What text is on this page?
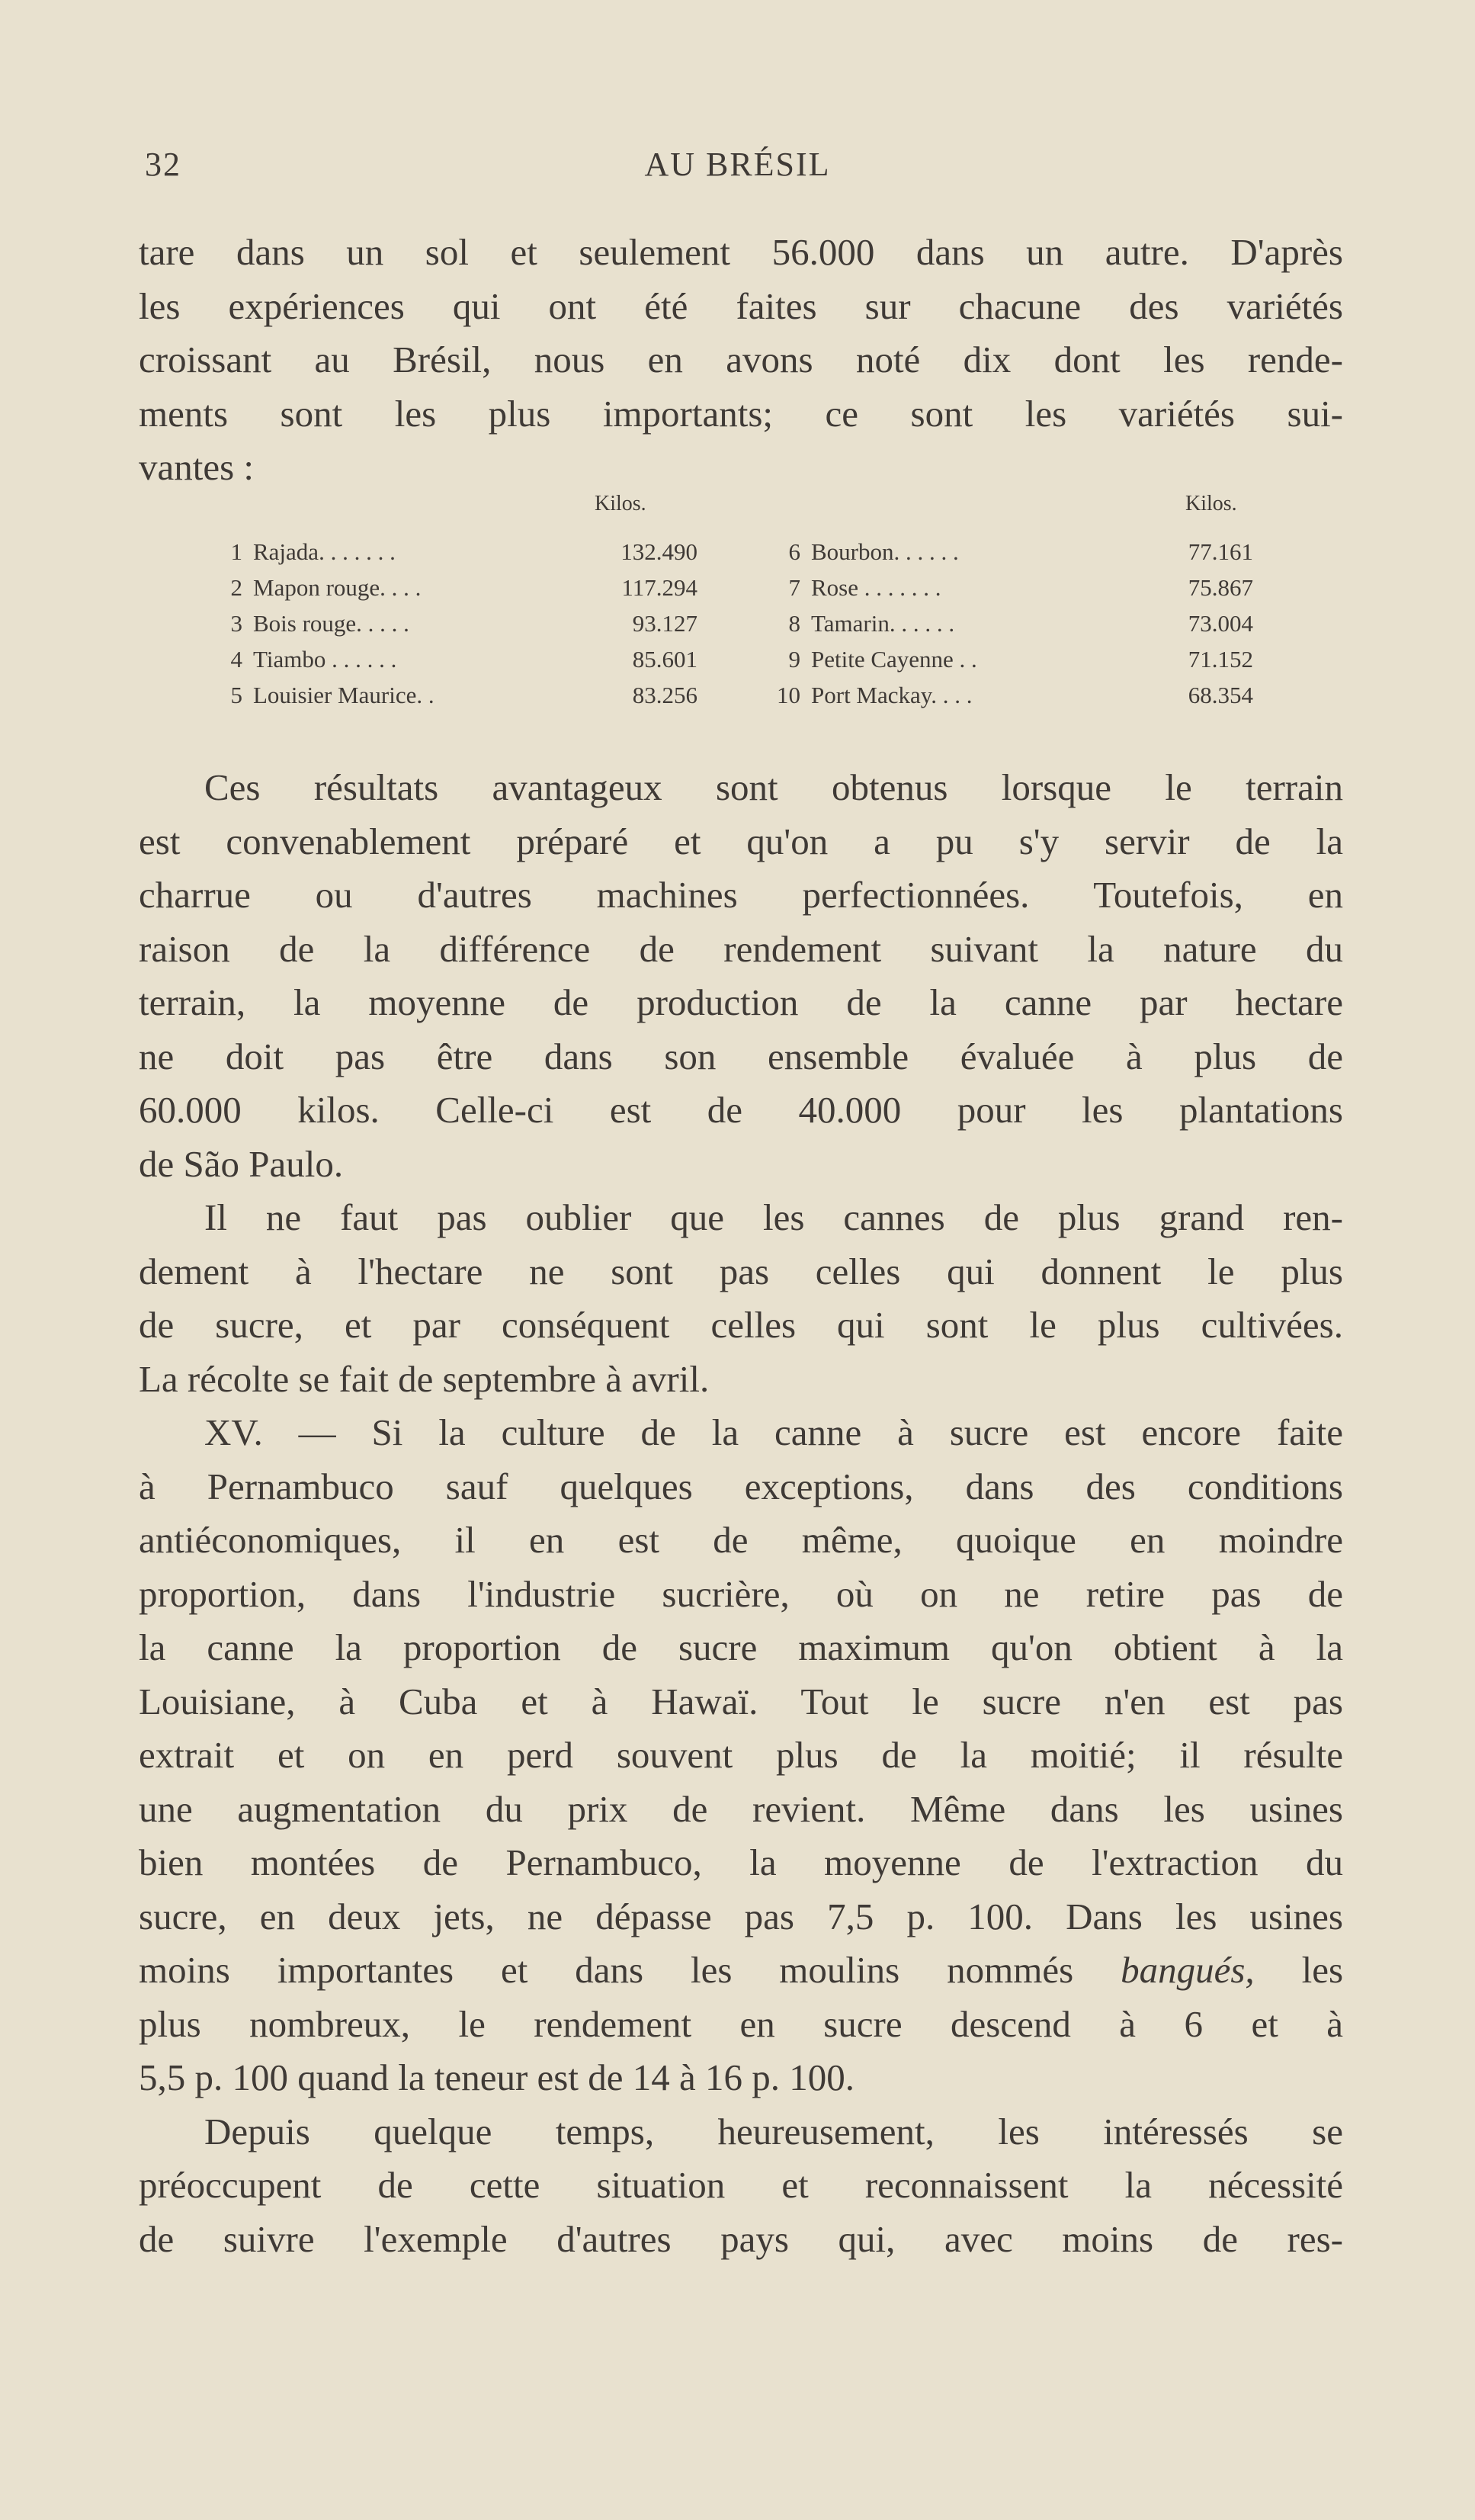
32	AU BRÉSIL
tare dans un sol et seulement 56.000 dans un autre. D'après
les expériences qui ont été faites sur chacune des variétés
croissant au Brésil, nous en avons noté dix dont les rende-
ments sont les plus importants; ce sont les variétés sui-
vantes :
Kilos.	Kilos.
1 Rajada. . . . . . .	132.490
2 Mapon rouge. . . .	117.294
3 Bois rouge. . . . .	93.127
4 Tiambo . . . . . .	85.601
5 Louisier Maurice. .	83.256
6 Bourbon. . . . . .	77.161
7 Rose . . . . . . .	75.867
8 Tamarin. . . . . .	73.004
9 Petite Cayenne . .	71.152
10 Port Mackay. . . .	68.354
Ces résultats avantageux sont obtenus lorsque le terrain
est convenablement préparé et qu'on a pu s'y servir de la
charrue ou d'autres machines perfectionnées. Toutefois, en
raison de la différence de rendement suivant la nature du
terrain, la moyenne de production de la canne par hectare
ne doit pas être dans son ensemble évaluée à plus de
60.000 kilos. Celle-ci est de 40.000 pour les plantations
de São Paulo.
Il ne faut pas oublier que les cannes de plus grand ren-
dement à l'hectare ne sont pas celles qui donnent le plus
de sucre, et par conséquent celles qui sont le plus cultivées.
La récolte se fait de septembre à avril.
XV. — Si la culture de la canne à sucre est encore faite
à Pernambuco sauf quelques exceptions, dans des conditions
antiéconomiques, il en est de même, quoique en moindre
proportion, dans l'industrie sucrière, où on ne retire pas de
la canne la proportion de sucre maximum qu'on obtient à la
Louisiane, à Cuba et à Hawaï. Tout le sucre n'en est pas
extrait et on en perd souvent plus de la moitié; il résulte
une augmentation du prix de revient. Même dans les usines
bien montées de Pernambuco, la moyenne de l'extraction du
sucre, en deux jets, ne dépasse pas 7,5 p. 100. Dans les usines
moins importantes et dans les moulins nommés bangués, les
plus nombreux, le rendement en sucre descend à 6 et à
5,5 p. 100 quand la teneur est de 14 à 16 p. 100.
Depuis quelque temps, heureusement, les intéressés se
préoccupent de cette situation et reconnaissent la nécessité
de suivre l'exemple d'autres pays qui, avec moins de res-
